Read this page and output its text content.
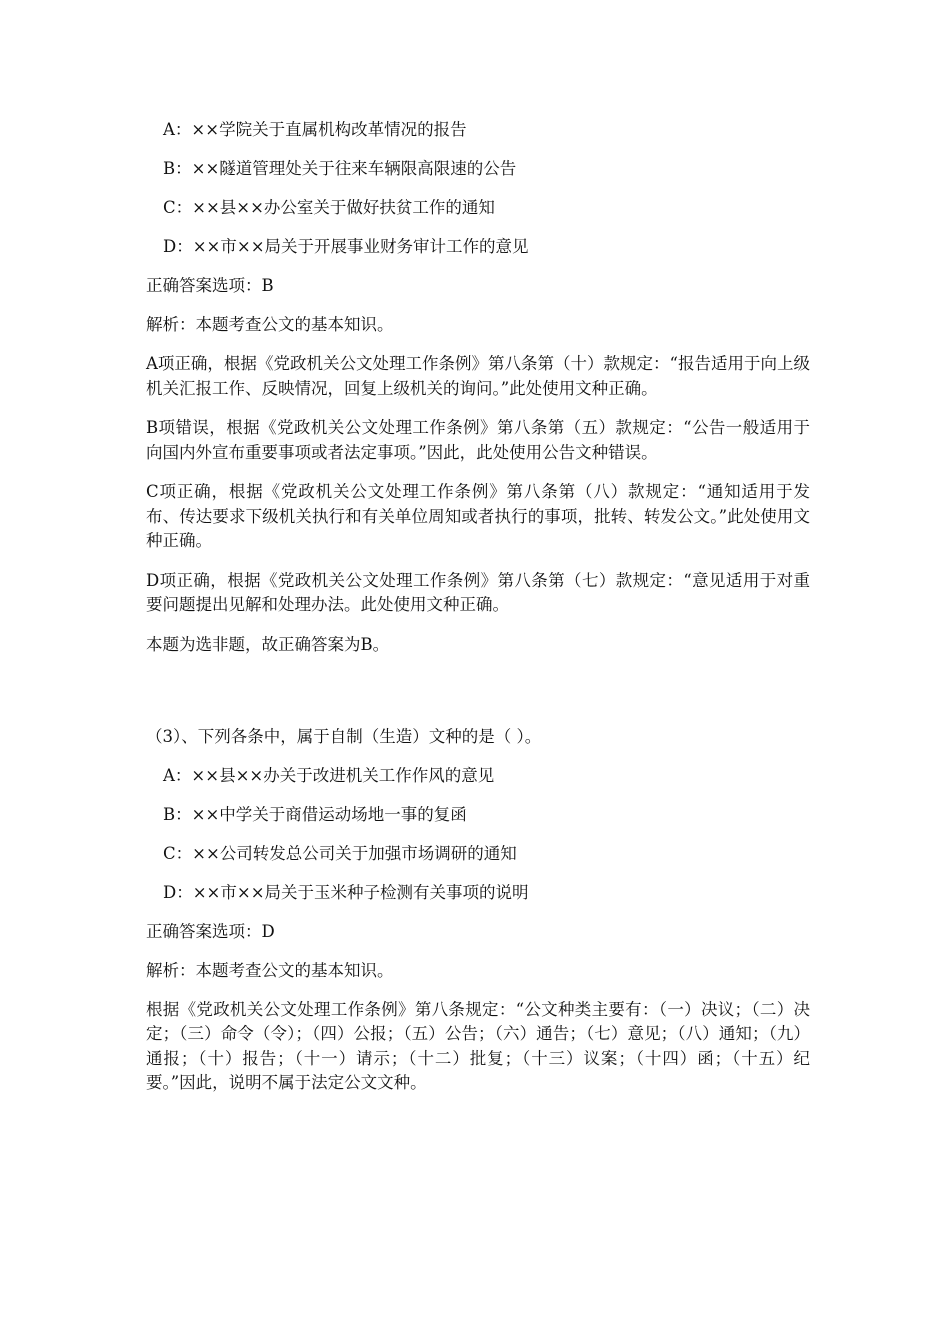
A：××学院关于直属机构改革情况的报告

B：××隧道管理处关于往来车辆限高限速的公告

C：××县××办公室关于做好扶贫工作的通知

D：××市××局关于开展事业财务审计工作的意见

正确答案选项：B

解析：本题考查公文的基本知识。

A项正确，根据《党政机关公文处理工作条例》第八条第（十）款规定：“报告适用于向上级机关汇报工作、反映情况，回复上级机关的询问。”此处使用文种正确。

B项错误，根据《党政机关公文处理工作条例》第八条第（五）款规定：“公告一般适用于向国内外宣布重要事项或者法定事项。”因此，此处使用公告文种错误。

C项正确，根据《党政机关公文处理工作条例》第八条第（八）款规定：“通知适用于发布、传达要求下级机关执行和有关单位周知或者执行的事项，批转、转发公文。”此处使用文种正确。

D项正确，根据《党政机关公文处理工作条例》第八条第（七）款规定：“意见适用于对重要问题提出见解和处理办法。此处使用文种正确。

本题为选非题，故正确答案为B。

（3）、下列各条中，属于自制（生造）文种的是（ ）。

A：××县××办关于改进机关工作作风的意见

B：××中学关于商借运动场地一事的复函

C：××公司转发总公司关于加强市场调研的通知

D：××市××局关于玉米种子检测有关事项的说明

正确答案选项：D

解析：本题考查公文的基本知识。

根据《党政机关公文处理工作条例》第八条规定：“公文种类主要有：（一）决议；（二）决定；（三）命令（令）；（四）公报；（五）公告；（六）通告；（七）意见；（八）通知；（九）通报；（十）报告；（十一）请示；（十二）批复；（十三）议案；（十四）函；（十五）纪要。”因此，说明不属于法定公文文种。
